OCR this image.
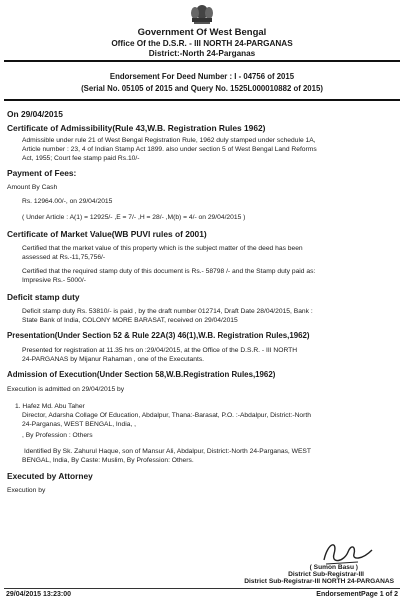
Government Of West Bengal
Office Of the D.S.R. - III NORTH 24-PARGANAS
District:-North 24-Parganas
Endorsement For Deed Number : I - 04756 of 2015
(Serial No. 05105 of 2015 and Query No. 1525L000010882 of 2015)
On 29/04/2015
Certificate of Admissibility(Rule 43,W.B. Registration Rules 1962)
Admissible under rule 21 of West Bengal Registration Rule, 1962 duly stamped under schedule 1A,
Article number : 23, 4 of Indian Stamp Act 1899. also under section 5 of West Bengal Land Reforms
Act, 1955; Court fee stamp paid Rs.10/-
Payment of Fees:
Amount By Cash
Rs. 12964.00/-, on 29/04/2015
( Under Article : A(1) = 12925/- ,E = 7/- ,H = 28/- ,M(b) = 4/- on 29/04/2015 )
Certificate of Market Value(WB PUVI rules of 2001)
Certified that the market value of this property which is the subject matter of the deed has been
assessed at Rs.-11,75,756/-
Certified that the required stamp duty of this document is Rs.- 58798 /- and the Stamp duty paid as:
Impresive Rs.- 5000/-
Deficit stamp duty
Deficit stamp duty Rs. 53810/- is paid , by the draft number 012714, Draft Date 28/04/2015, Bank :
State Bank of India, COLONY MORE BARASAT, received on 29/04/2015
Presentation(Under Section 52 & Rule 22A(3) 46(1),W.B. Registration Rules,1962)
Presented for registration at 11.35 hrs on :29/04/2015, at the Office of the D.S.R. - III NORTH
24-PARGANAS by Mijanur Rahaman , one of the Executants.
Admission of Execution(Under Section 58,W.B.Registration Rules,1962)
Execution is admitted on 29/04/2015 by
1. Hafez Md. Abu Taher
Director, Adarsha Collage Of Education, Abdalpur, Thana:-Barasat, P.O. :-Abdalpur, District:-North
24-Parganas, WEST BENGAL, India, ,
, By Profession : Others
Identified By Sk. Zahurul Haque, son of Mansur Ali, Abdalpur, District:-North 24-Parganas, WEST
BENGAL, India, By Caste: Muslim, By Profession: Others.
Executed by Attorney
Execution by
( Sumon Basu )
District Sub-Registrar-III
District Sub-Registrar-III NORTH 24-PARGANAS
29/04/2015 13:23:00	EndorsementPage 1 of 2
